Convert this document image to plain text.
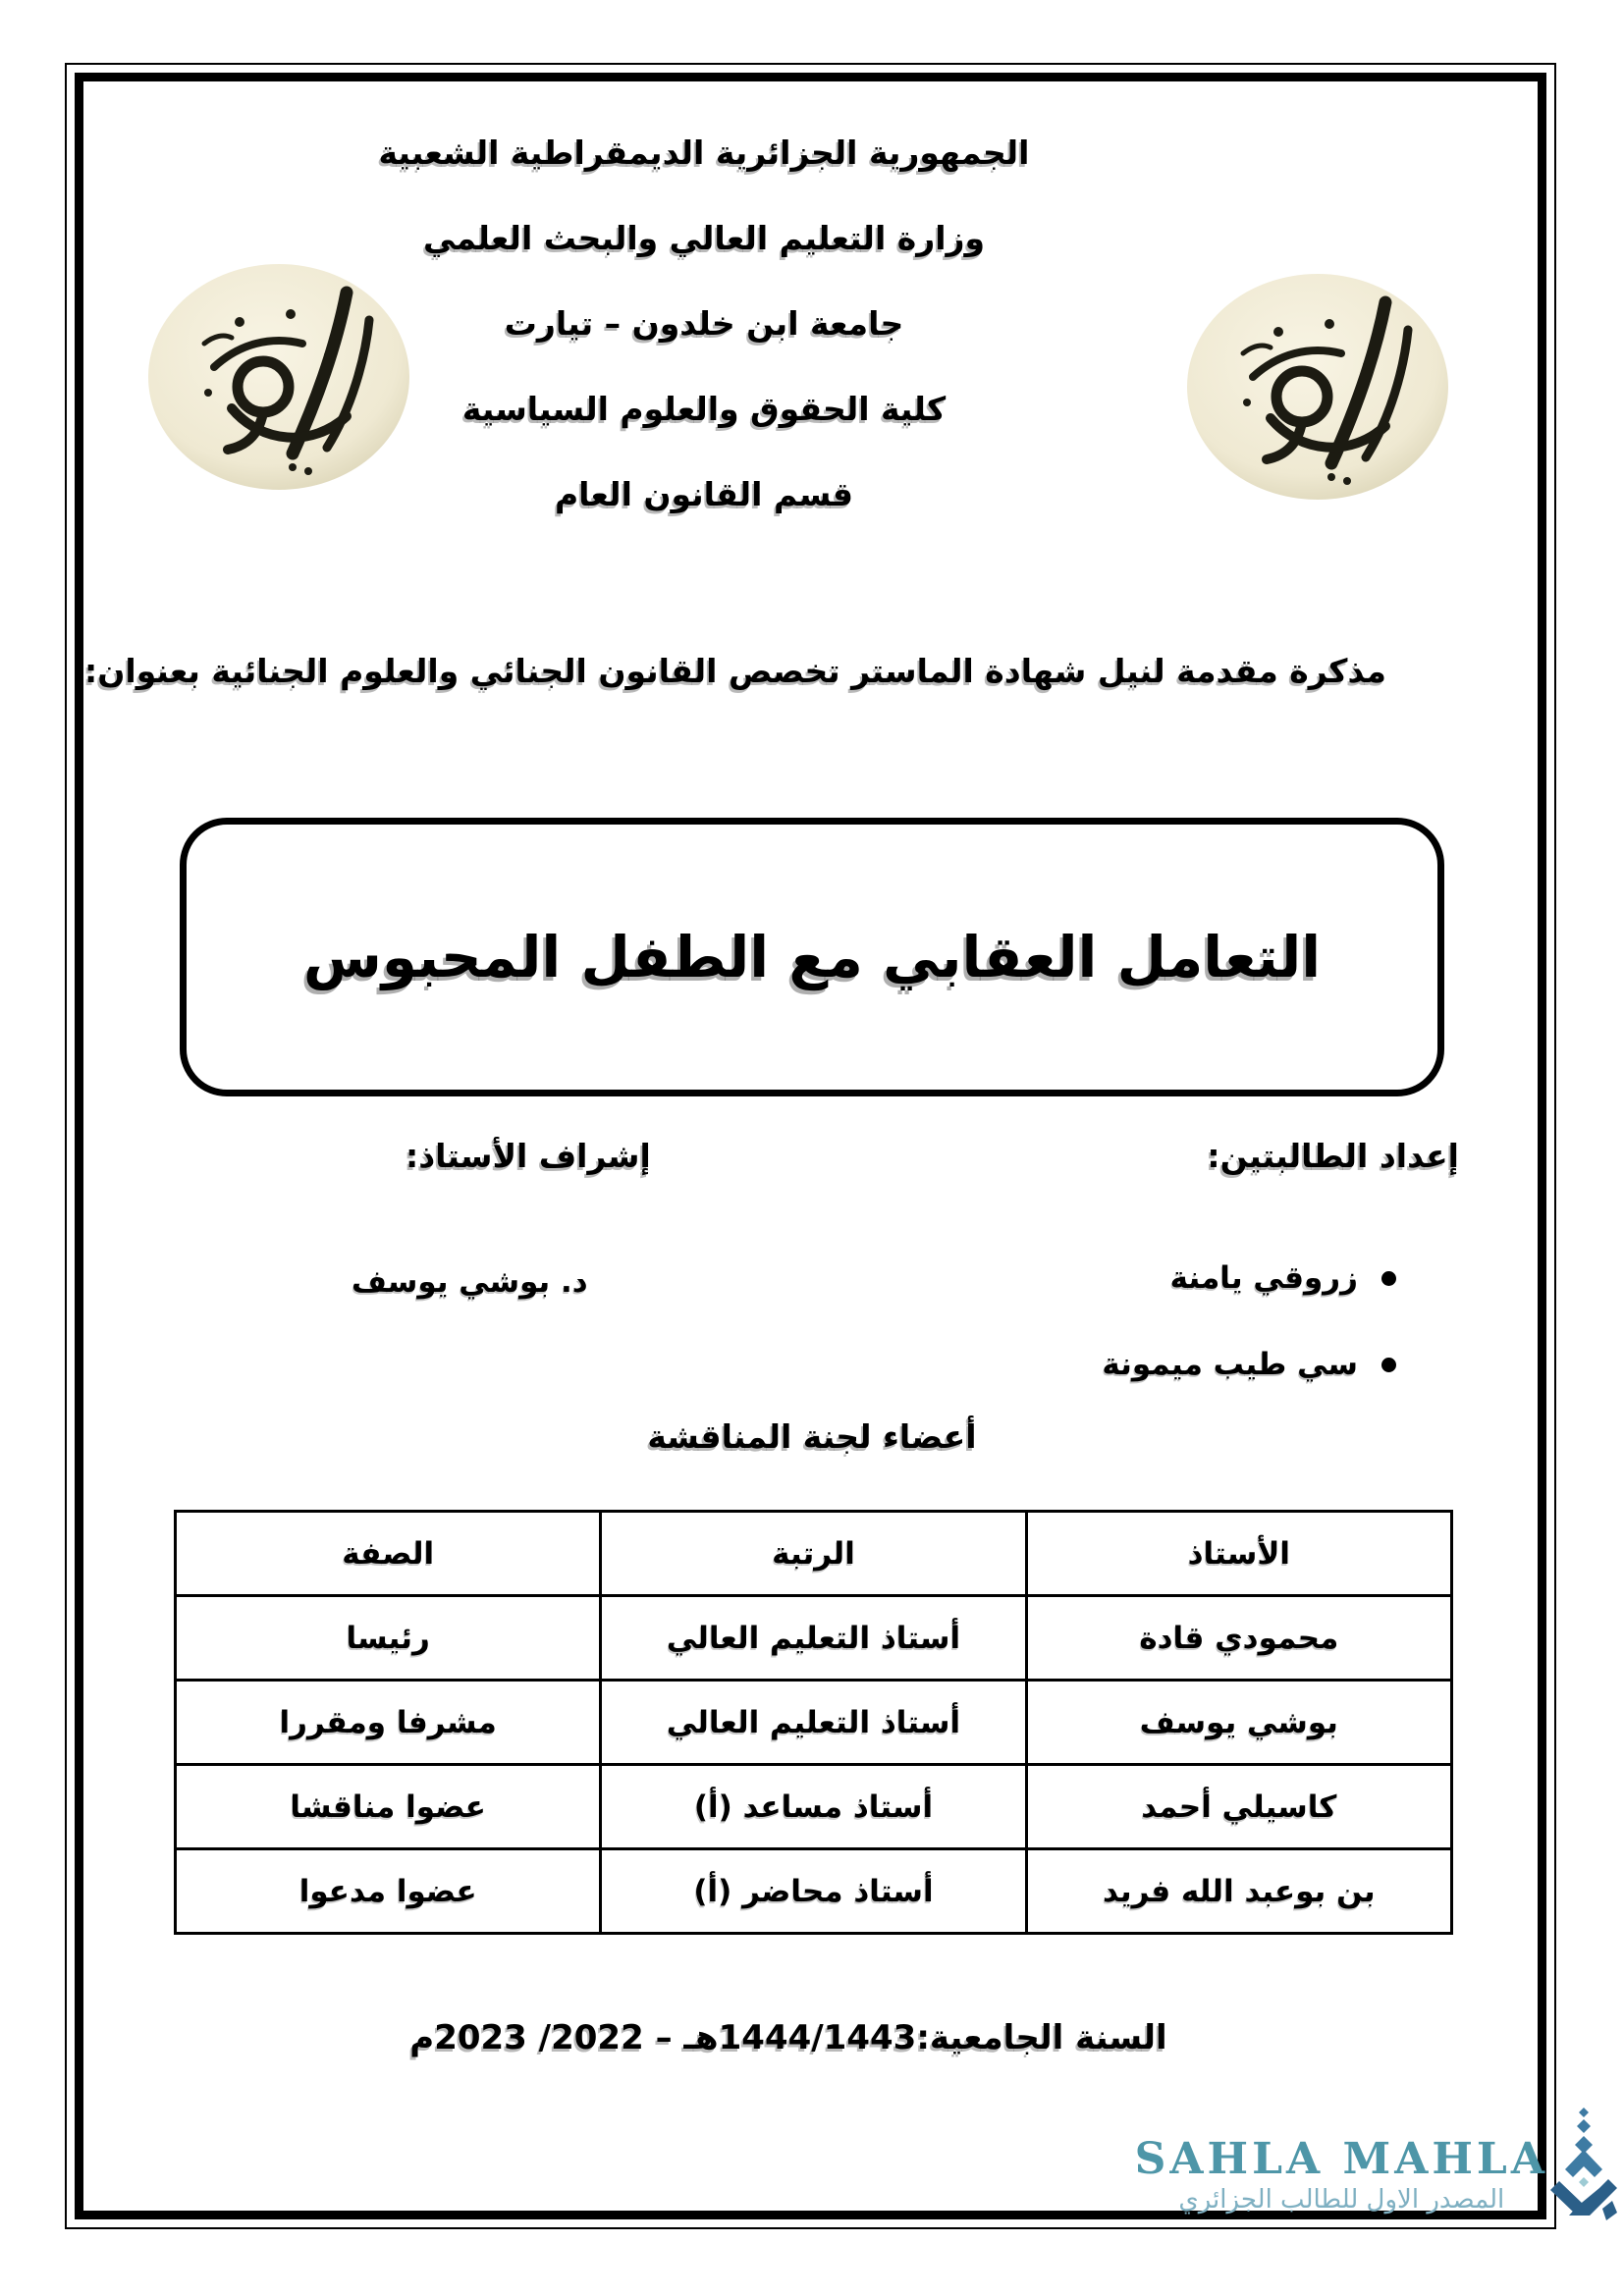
الجمهورية الجزائرية الديمقراطية الشعبية
وزارة التعليم العالي والبحث العلمي
جامعة ابن خلدون – تيارت
كلية الحقوق والعلوم السياسية
قسم القانون العام
مذكرة مقدمة لنيل شهادة الماستر تخصص القانون الجنائي والعلوم الجنائية بعنوان:
التعامل العقابي مع الطفل المحبوس
إعداد الطالبتين:
إشراف الأستاذ:
زروقي يامنة
سي طيب ميمونة
د. بوشي يوسف
أعضاء لجنة المناقشة
الأستاذ	الرتبة	الصفة
محمودي قادة	أستاذ التعليم العالي	رئيسا
بوشي يوسف	أستاذ التعليم العالي	مشرفا ومقررا
كاسيلي أحمد	أستاذ مساعد (أ)	عضوا مناقشا
بن بوعبد الله فريد	أستاذ محاضر (أ)	عضوا مدعوا
السنة الجامعية:1444/1443هـ – 2022/ 2023م
SAHLA MAHLA
المصدر الاول للطالب الجزائري
